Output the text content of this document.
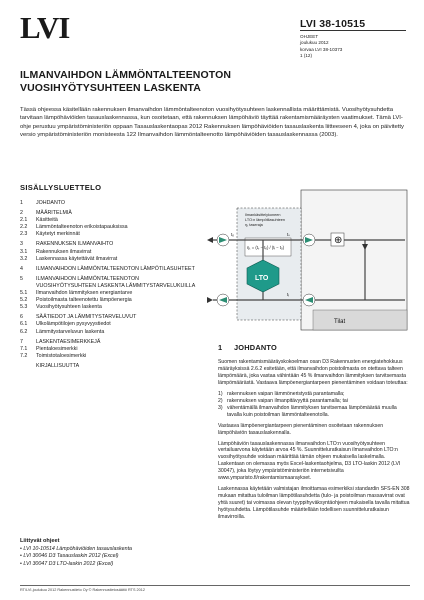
LVI	LVI 38-10515
OHJEET
joulukuu 2012
korvaa LVI 38-10373
1 (12)
ILMANVAIHDON LÄMMÖNTALTEENOTON
VUOSIHYÖTYSUHTEEN LASKENTA

Tässä ohjeessa käsitellään rakennuksen ilmanvaihdon lämmöntalteenoton vuosihyötysuhteen laskennallista määrittämistä. Vuosihyötysuhdetta tarvitaan lämpöhäviöiden tasauslaskennassa, kun osoitetaan, että rakennuksen lämpöhäviö täyttää rakentamismääräysten vaatimukset. Tämä LVI-ohje perustuu ympäristöministeriön oppaan Tasauslaskentaopas 2012 Rakennuksen lämpöhäviöiden tasauslaskenta liitteeseen 4, joka on päivitetty versio ympäristöministeriön monisteesta 122 Ilmanvaihdon lämmöntalteenotto lämpöhäviöiden tasauslaskennassa (2003).

SISÄLLYSLUETTELO
1	JOHDANTO
2	MÄÄRITELMIÄ
2.1	Käsitteitä
2.2	Lämmöntalteenoton erikoistapauksissa
2.3	Käytetyt merkinnät
3	RAKENNUKSEN ILMANVAIHTO
3.1	Rakennuksen ilmavirrat
3.2	Laskennassa käytettävät ilmavirrat
4	ILMANVAIHDON LÄMMÖNTALTEENOTON LÄMPÖTILASUHTEET
5	ILMANVAIHDON LÄMMÖNTALTEENOTON VUOSIHYÖTYSUHTEEN LASKENTA LÄMMITYSTARVELUKUILLA
5.1	Ilmanvaihdon lämmityksen energiantarve
5.2	Poistoilmasta talteenotettu lämpöenergia
5.3	Vuosihyötysuhteen laskenta
6	SÄÄTIEDOT JA LÄMMITYSTARVELUVUT
6.1	Ulkolämpötilojen pysyvyystiedot
6.2	Lämmitystarveluvun laskenta
7	LASKENTAESIMERKKEJÄ
7.1	Pientaloesimerkki
7.2	Toimistotaloesimerkki
KIRJALLISUUTTA
Liittyvät ohjeet
• LVI 10-10514 Lämpöhäviöiden tasauslaskenta
• LVI 30046 D3 Tasauslaskin 2012 (Excel)
• LVI 30047 D3 LTO-laskin 2012 (Excel)
Tilat
Ilmankäsittelykoneen
LTO:n lämpötilasuhteen
ηₜ taseraja
ηₜ = (tₛ − tₒ) / (tᵢ − tₒ)
⊕
LTO
tₛ
tᵢ
tₒ
1 JOHDANTO

Suomen rakentamismääräyskokoelman osan D3 Rakennusten energiatehokkuus määräyksissä 2.6.2 esitetään, että ilmanvaihdon poistoilmasta on otettava talteen lämpömäärä, joka vastaa vähintään 45 % ilmanvaihdon lämmityksen tarvitsemasta lämpömäärästä. Vastaava lämpöenergiantarpeen pienentäminen voidaan toteuttaa:

1) rakennuksen vaipan lämmöneristystä parantamalla;
2) rakennuksen vaipan ilmanpitävyyttä parantamalla; tai
3) vähentämällä ilmanvaihdon lämmityksen tarvitsemaa lämpömäärää muulla tavalla kuin poistoilman lämmöntalteenotolla.

Vastaava lämpöenergiantarpeen pienentäminen osoitetaan rakennuksen lämpöhäviön tasauslaskennalla.

Lämpöhäviön tasauslaskennassa ilmanvaihdon LTO:n vuosihyötysuhteen vertailuarvona käytetään arvoa 45 %. Suunnitteluratkaisun ilmanvaihdon LTO:n vuosihyötysuhde voidaan määrittää tämän ohjeen mukaisella laskelmalla. Laskentaan on olemassa myös Excel-laskentaohjelma, D3 LTO-laskin 2012 (LVI 30047), joka löytyy ympäristöministeriön internetsivuilta www.ymparisto.fi/rakentamismaaraykset.

Laskennassa käytetään valmistajan ilmoittamaa esimerkiksi standardin SFS-EN 308 mukaan mitattua tuloilman lämpötilasuhdetta (tulo- ja poistoilman massavirrat ovat yhtä suuret) tai voimassa olevan tyyppihyväksyntäohjeen mukaisella tavalla mitattua hyötysuhdetta. Lämpötilasuhde määritellään todellisen suunnitteluratkaisun ilmavirroilla.

RT/LVI-joulukuu 2012 Rakennustieto Oy © Rakennustietosäätiö RTS 2012
